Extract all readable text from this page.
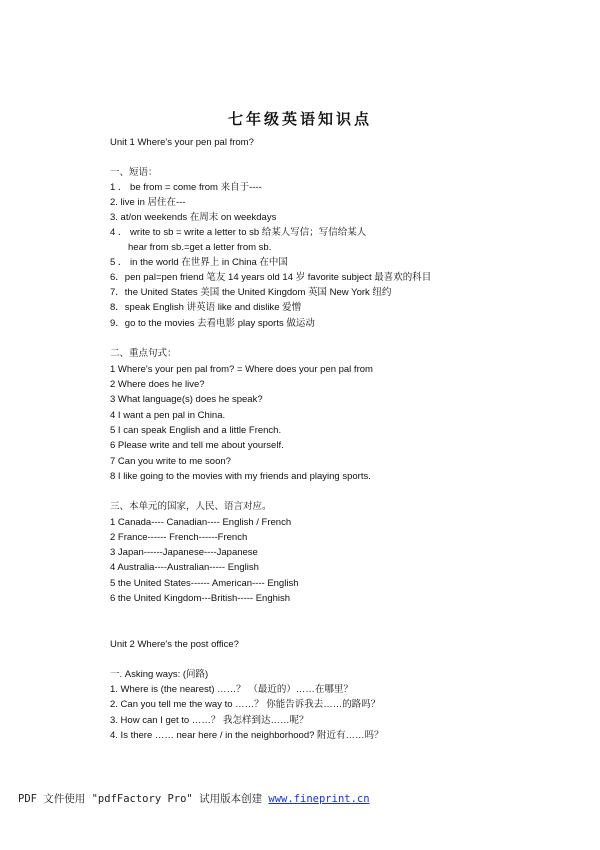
七年级英语知识点
Unit 1 Where's your pen pal from?
一、短语：
1 ． be from = come from 来自于----
2. live in 居住在---
3. at/on weekends 在周末 on weekdays
4 ． write to sb = write a letter to sb 给某人写信；写信给某人
hear from sb.=get a letter from sb.
5 ． in the world 在世界上 in China 在中国
6．pen pal=pen friend 笔友 14 years old 14 岁 favorite subject 最喜欢的科目
7．the United States 美国 the United Kingdom 英国 New York 纽约
8．speak English 讲英语 like and dislike 爱憎
9．go to the movies 去看电影 play sports 做运动
二、重点句式：
1 Where's your pen pal from? = Where does your pen pal from
2 Where does he live?
3 What language(s) does he speak?
4 I want a pen pal in China.
5 I can speak English and a little French.
6 Please write and tell me about yourself.
7 Can you write to me soon?
8 I like going to the movies with my friends and playing sports.
三、本单元的国家，人民、语言对应。
1 Canada---- Canadian---- English / French
2 France------ French------French
3 Japan------Japanese----Japanese
4 Australia----Australian----- English
5 the United States------ American---- English
6 the United Kingdom---British----- Enghish
Unit 2 Where's the post office?
一. Asking ways: (问路)
1. Where is (the nearest) ……？ （最近的）……在哪里？
2. Can you tell me the way to ……？ 你能告诉我去……的路吗？
3. How can I get to ……？ 我怎样到达……呢？
4. Is there …… near here / in the neighborhood? 附近有……吗？
PDF 文件使用 "pdfFactory Pro" 试用版本创建 www.fineprint.cn
